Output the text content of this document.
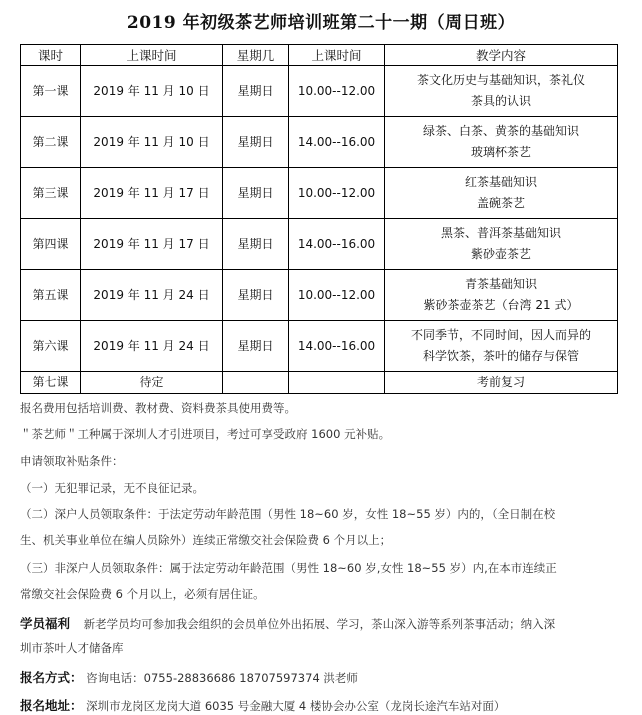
2019 年初级茶艺师培训班第二十一期（周日班）
课时	上课时间	星期几	上课时间	教学内容
第一课	2019 年 11 月 10 日	星期日	10.00--12.00	茶文化历史与基础知识，茶礼仪
茶具的认识

第二课	2019 年 11 月 10 日	星期日	14.00--16.00	绿茶、白茶、黄茶的基础知识
玻璃杯茶艺

第三课	2019 年 11 月 17 日	星期日	10.00--12.00	红茶基础知识
盖碗茶艺

第四课	2019 年 11 月 17 日	星期日	14.00--16.00	黑茶、普洱茶基础知识
紫砂壶茶艺

第五课	2019 年 11 月 24 日	星期日	10.00--12.00	青茶基础知识
紫砂茶壶茶艺（台湾 21 式）

第六课	2019 年 11 月 24 日	星期日	14.00--16.00	不同季节，不同时间，因人而异的
科学饮茶，茶叶的储存与保管

第七课	待定			考前复习

报名费用包括培训费、教材费、资料费茶具使用费等。

＂茶艺师＂工种属于深圳人才引进项目，考过可享受政府 1600 元补贴。

申请领取补贴条件：

（一）无犯罪记录，无不良征记录。

（二）深户人员领取条件：于法定劳动年龄范围（男性 18~60 岁，女性 18~55 岁）内的，（全日制在校

生、机关事业单位在编人员除外）连续正常缴交社会保险费 6 个月以上；

（三）非深户人员领取条件：属于法定劳动年龄范围（男性 18~60 岁,女性 18~55 岁）内,在本市连续正

常缴交社会保险费 6 个月以上，必须有居住证。

学员福利 新老学员均可参加我会组织的会员单位外出拓展、学习，茶山深入游等系列茶事活动；纳入深

圳市茶叶人才储备库

报名方式： 咨询电话：0755-28836686 18707597374 洪老师

报名地址： 深圳市龙岗区龙岗大道 6035 号金融大厦 4 楼协会办公室（龙岗长途汽车站对面）
